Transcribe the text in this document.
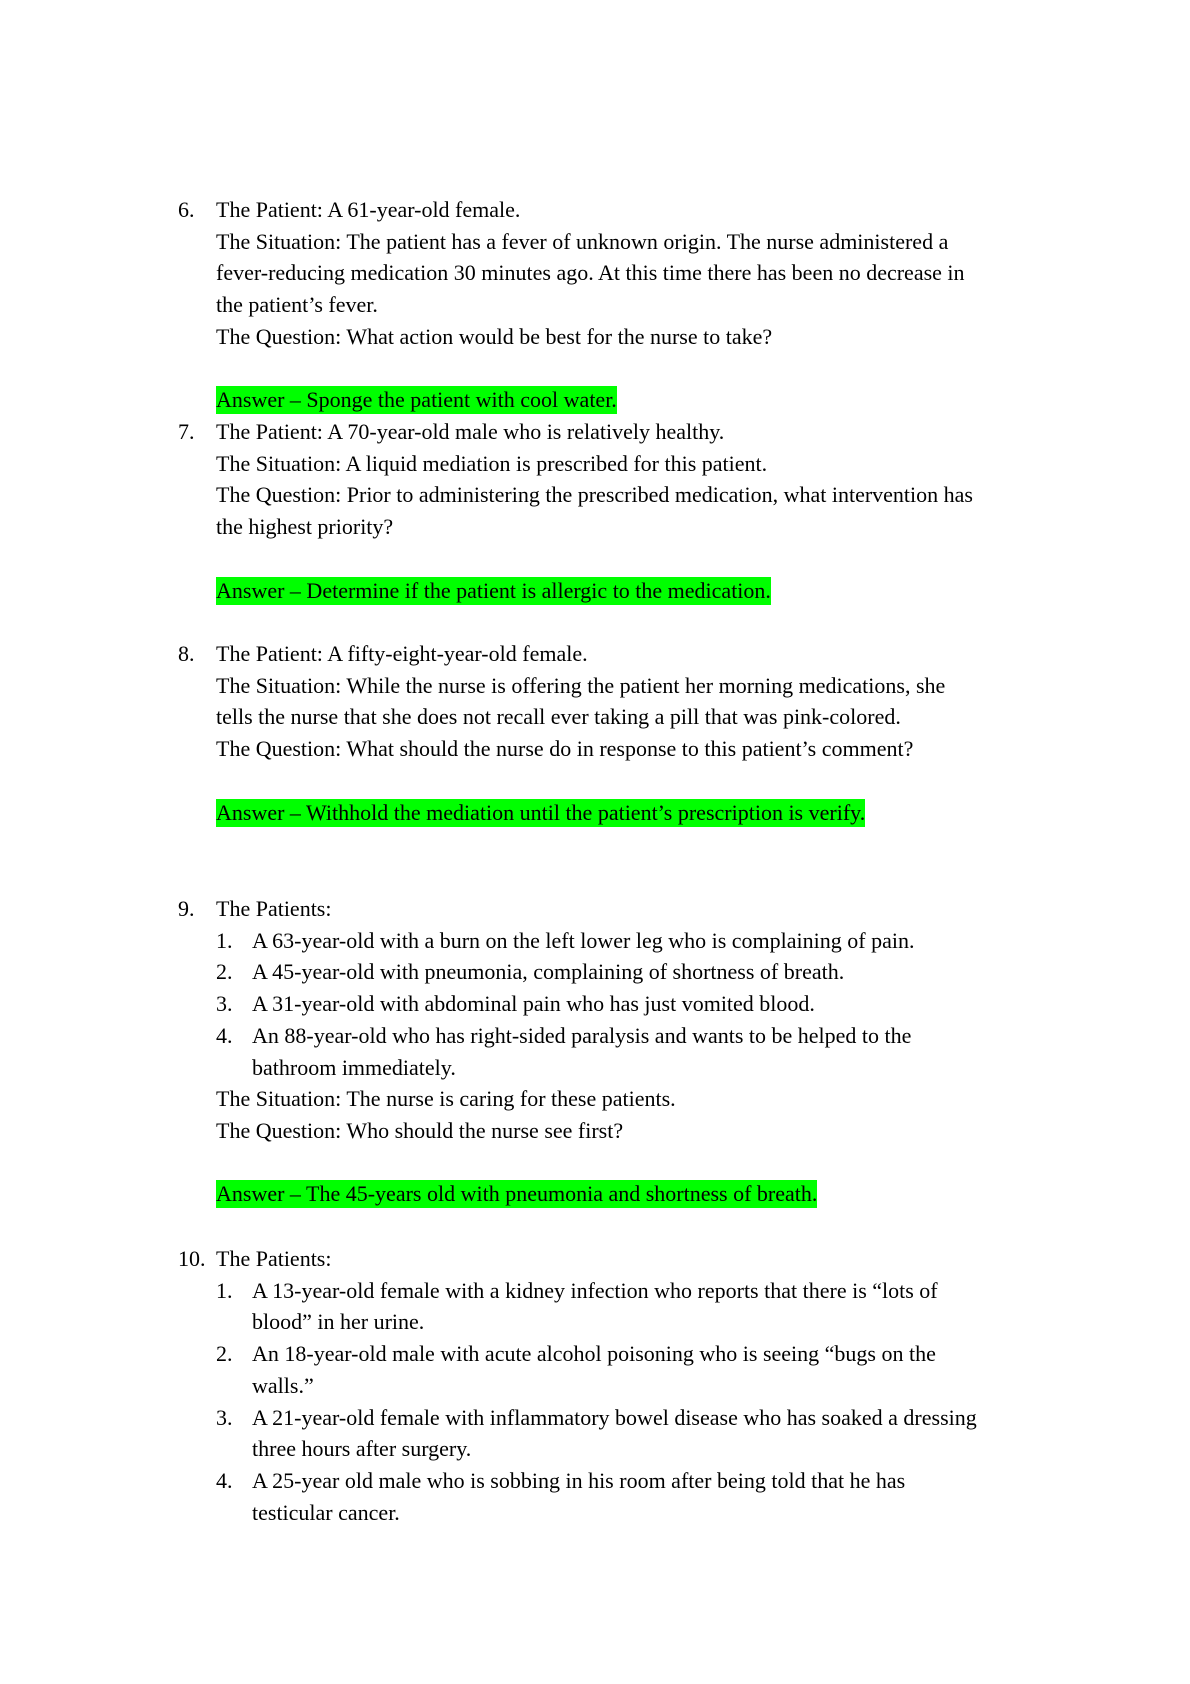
6. The Patient: A 61-year-old female.
The Situation: The patient has a fever of unknown origin. The nurse administered a
fever-reducing medication 30 minutes ago. At this time there has been no decrease in
the patient’s fever.
The Question: What action would be best for the nurse to take?
Answer – Sponge the patient with cool water.
7. The Patient: A 70-year-old male who is relatively healthy.
The Situation: A liquid mediation is prescribed for this patient.
The Question: Prior to administering the prescribed medication, what intervention has
the highest priority?
Answer – Determine if the patient is allergic to the medication.
8. The Patient: A fifty-eight-year-old female.
The Situation: While the nurse is offering the patient her morning medications, she
tells the nurse that she does not recall ever taking a pill that was pink-colored.
The Question: What should the nurse do in response to this patient’s comment?
Answer – Withhold the mediation until the patient’s prescription is verify.
9. The Patients:
1. A 63-year-old with a burn on the left lower leg who is complaining of pain.
2. A 45-year-old with pneumonia, complaining of shortness of breath.
3. A 31-year-old with abdominal pain who has just vomited blood.
4. An 88-year-old who has right-sided paralysis and wants to be helped to the
bathroom immediately.
The Situation: The nurse is caring for these patients.
The Question: Who should the nurse see first?
Answer – The 45-years old with pneumonia and shortness of breath.
10. The Patients:
1. A 13-year-old female with a kidney infection who reports that there is “lots of
blood” in her urine.
2. An 18-year-old male with acute alcohol poisoning who is seeing “bugs on the
walls.”
3. A 21-year-old female with inflammatory bowel disease who has soaked a dressing
three hours after surgery.
4. A 25-year old male who is sobbing in his room after being told that he has
testicular cancer.
